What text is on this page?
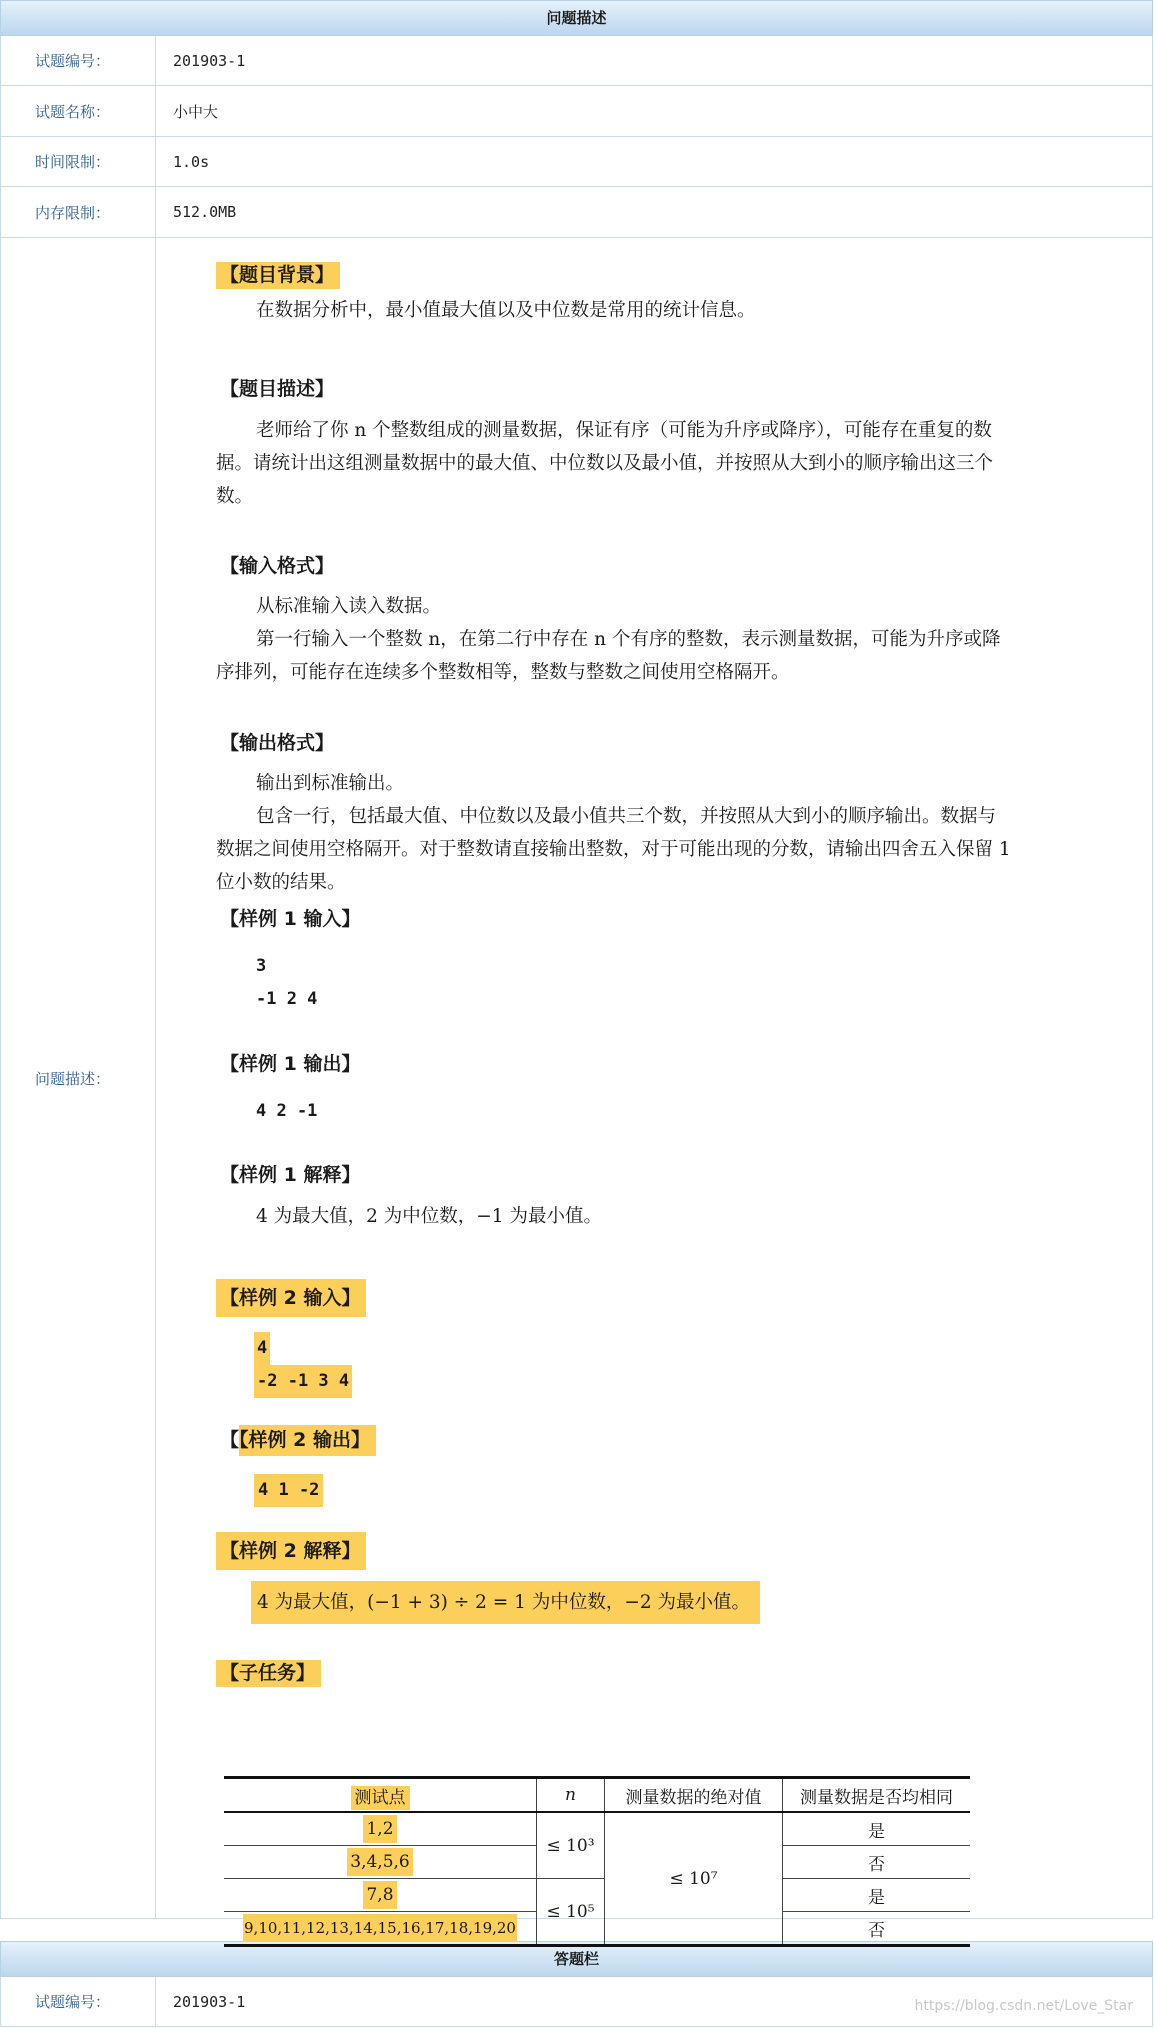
问题描述
试题编号：	201903-1
试题名称：	小中大
时间限制：	1.0s
内存限制：	512.0MB
问题描述：
【题目背景】
在数据分析中，最小值最大值以及中位数是常用的统计信息。
【题目描述】
老师给了你 n 个整数组成的测量数据，保证有序（可能为升序或降序），可能存在重复的数据。请统计出这组测量数据中的最大值、中位数以及最小值，并按照从大到小的顺序输出这三个数。
【输入格式】
从标准输入读入数据。
第一行输入一个整数 n，在第二行中存在 n 个有序的整数，表示测量数据，可能为升序或降序排列，可能存在连续多个整数相等，整数与整数之间使用空格隔开。
【输出格式】
输出到标准输出。
包含一行，包括最大值、中位数以及最小值共三个数，并按照从大到小的顺序输出。数据与数据之间使用空格隔开。对于整数请直接输出整数，对于可能出现的分数，请输出四舍五入保留 1 位小数的结果。
【样例 1 输入】
3
-1 2 4
【样例 1 输出】
4 2 -1
【样例 1 解释】
4 为最大值，2 为中位数，−1 为最小值。
【样例 2 输入】
4
-2 -1 3 4
【【样例 2 输出】
4 1 -2
【样例 2 解释】
4 为最大值，(−1 + 3) ÷ 2 = 1 为中位数，−2 为最小值。
【子任务】
测试点	n	测量数据的绝对值	测量数据是否均相同
1,2	≤ 10³	≤ 10⁷	是
3,4,5,6			否
7,8	≤ 10⁵		是
9,10,11,12,13,14,15,16,17,18,19,20			否
答题栏
试题编号：	201903-1	https://blog.csdn.net/Love_Star
